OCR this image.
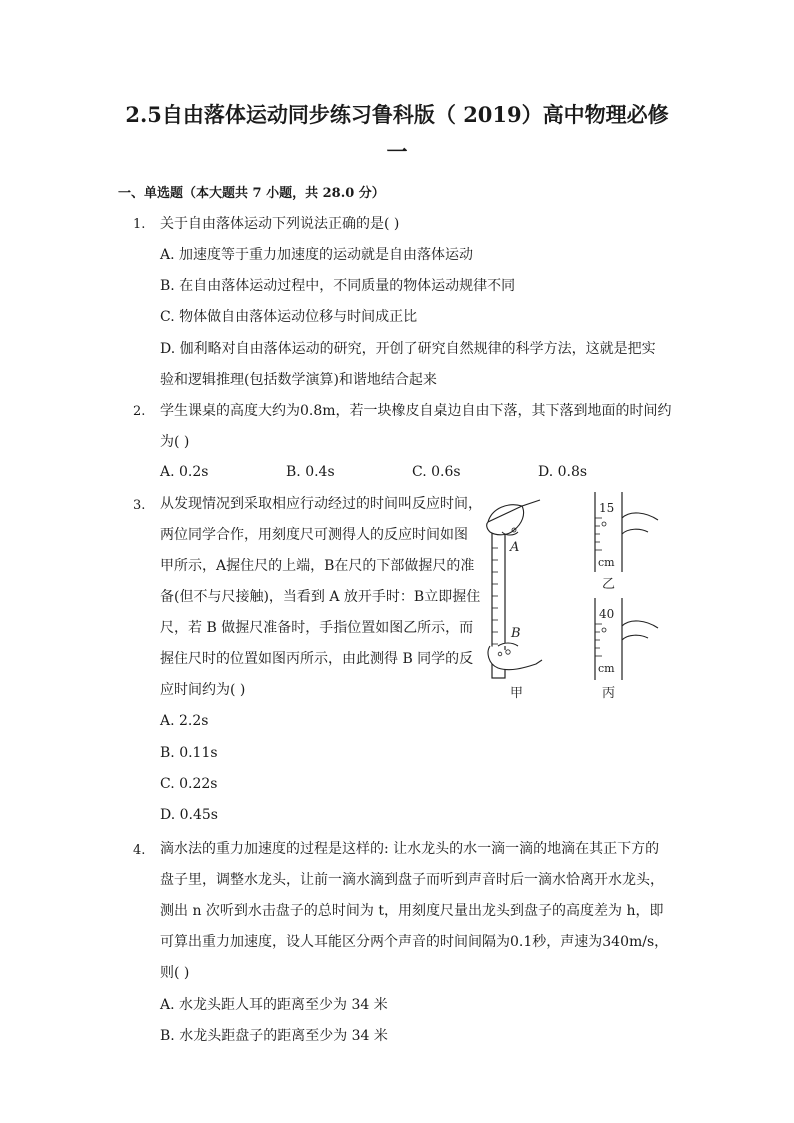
2.5自由落体运动同步练习鲁科版（ 2019）高中物理必修
一
一、单选题（本大题共 7 小题，共 28.0 分）
1. 关于自由落体运动下列说法正确的是( )
A. 加速度等于重力加速度的运动就是自由落体运动
B. 在自由落体运动过程中，不同质量的物体运动规律不同
C. 物体做自由落体运动位移与时间成正比
D. 伽利略对自由落体运动的研究，开创了研究自然规律的科学方法，这就是把实
验和逻辑推理(包括数学演算)和谐地结合起来
2. 学生课桌的高度大约为0.8m，若一块橡皮自桌边自由下落，其下落到地面的时间约
为( )
A. 0.2s	B. 0.4s	C. 0.6s	D. 0.8s
3. 从发现情况到采取相应行动经过的时间叫反应时间，
两位同学合作，用刻度尺可测得人的反应时间如图
甲所示，A握住尺的上端，B在尺的下部做握尺的准
备(但不与尺接触)，当看到 A 放开手时：B立即握住
尺，若 B 做握尺准备时，手指位置如图乙所示，而
握住尺时的位置如图丙所示，由此测得 B 同学的反
应时间约为( )
A. 2.2s
B. 0.11s
C. 0.22s
D. 0.45s
A
B
甲
15
cm
乙
40
cm
丙
4. 滴水法的重力加速度的过程是这样的: 让水龙头的水一滴一滴的地滴在其正下方的
盘子里，调整水龙头，让前一滴水滴到盘子而听到声音时后一滴水恰离开水龙头，
测出 n 次听到水击盘子的总时间为 t，用刻度尺量出龙头到盘子的高度差为 h，即
可算出重力加速度，设人耳能区分两个声音的时间间隔为0.1秒，声速为340m/s，
则( )
A. 水龙头距人耳的距离至少为 34 米
B. 水龙头距盘子的距离至少为 34 米
